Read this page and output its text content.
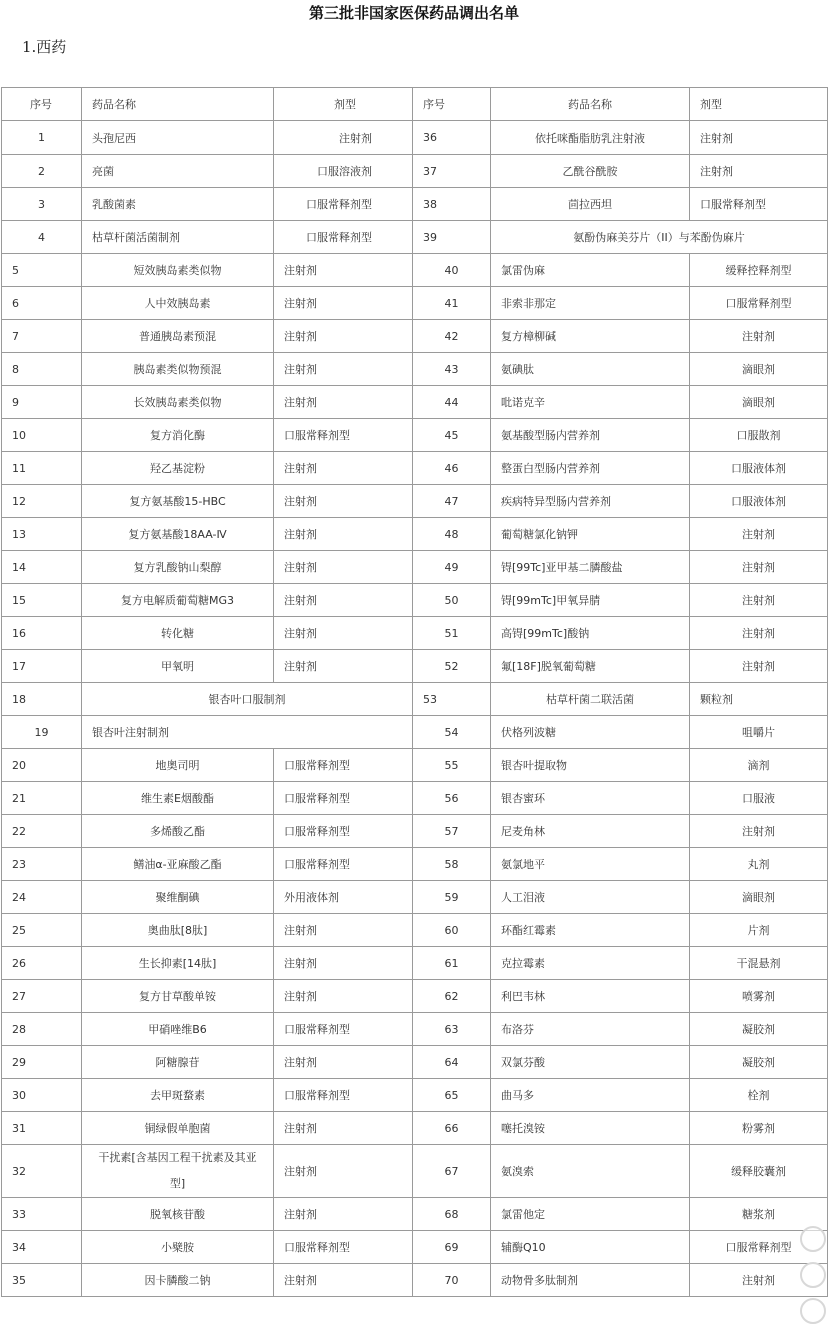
第三批非国家医保药品调出名单
1.西药
序号	药品名称	剂型	序号	药品名称	剂型
1	头孢尼西	注射剂	36	依托咪酯脂肪乳注射液	注射剂
2	亮菌	口服溶液剂	37	乙酰谷酰胺	注射剂
3	乳酸菌素	口服常释剂型	38	茴拉西坦	口服常释剂型
4	枯草杆菌活菌制剂	口服常释剂型	39	氨酚伪麻美芬片（II）与苯酚伪麻片	
5	短效胰岛素类似物	注射剂	40	氯雷伪麻	缓释控释剂型
6	人中效胰岛素	注射剂	41	非索非那定	口服常释剂型
7	普通胰岛素预混	注射剂	42	复方樟柳碱	注射剂
8	胰岛素类似物预混	注射剂	43	氨碘肽	滴眼剂
9	长效胰岛素类似物	注射剂	44	吡诺克辛	滴眼剂
10	复方消化酶	口服常释剂型	45	氨基酸型肠内营养剂	口服散剂
11	羟乙基淀粉	注射剂	46	整蛋白型肠内营养剂	口服液体剂
12	复方氨基酸15-HBC	注射剂	47	疾病特异型肠内营养剂	口服液体剂
13	复方氨基酸18AA-Ⅳ	注射剂	48	葡萄糖氯化钠钾	注射剂
14	复方乳酸钠山梨醇	注射剂	49	锝[99Tc]亚甲基二膦酸盐	注射剂
15	复方电解质葡萄糖MG3	注射剂	50	锝[99mTc]甲氧异腈	注射剂
16	转化糖	注射剂	51	高锝[99mTc]酸钠	注射剂
17	甲氧明	注射剂	52	氟[18F]脱氧葡萄糖	注射剂
18	银杏叶口服制剂		53	枯草杆菌二联活菌	颗粒剂
19	银杏叶注射制剂		54	伏格列波糖	咀嚼片
20	地奥司明	口服常释剂型	55	银杏叶提取物	滴剂
21	维生素E烟酸酯	口服常释剂型	56	银杏蜜环	口服液
22	多烯酸乙酯	口服常释剂型	57	尼麦角林	注射剂
23	鳝油α-亚麻酸乙酯	口服常释剂型	58	氨氯地平	丸剂
24	聚维酮碘	外用液体剂	59	人工泪液	滴眼剂
25	奥曲肽[8肽]	注射剂	60	环酯红霉素	片剂
26	生长抑素[14肽]	注射剂	61	克拉霉素	干混悬剂
27	复方甘草酸单铵	注射剂	62	利巴韦林	喷雾剂
28	甲硝唑维B6	口服常释剂型	63	布洛芬	凝胶剂
29	阿糖腺苷	注射剂	64	双氯芬酸	凝胶剂
30	去甲斑蝥素	口服常释剂型	65	曲马多	栓剂
31	铜绿假单胞菌	注射剂	66	噻托溴铵	粉雾剂
32	干扰素[含基因工程干扰素及其亚型]	注射剂	67	氨溴索	缓释胶囊剂
33	脱氧核苷酸	注射剂	68	氯雷他定	糖浆剂
34	小檗胺	口服常释剂型	69	辅酶Q10	口服常释剂型
35	因卡膦酸二钠	注射剂	70	动物骨多肽制剂	注射剂
